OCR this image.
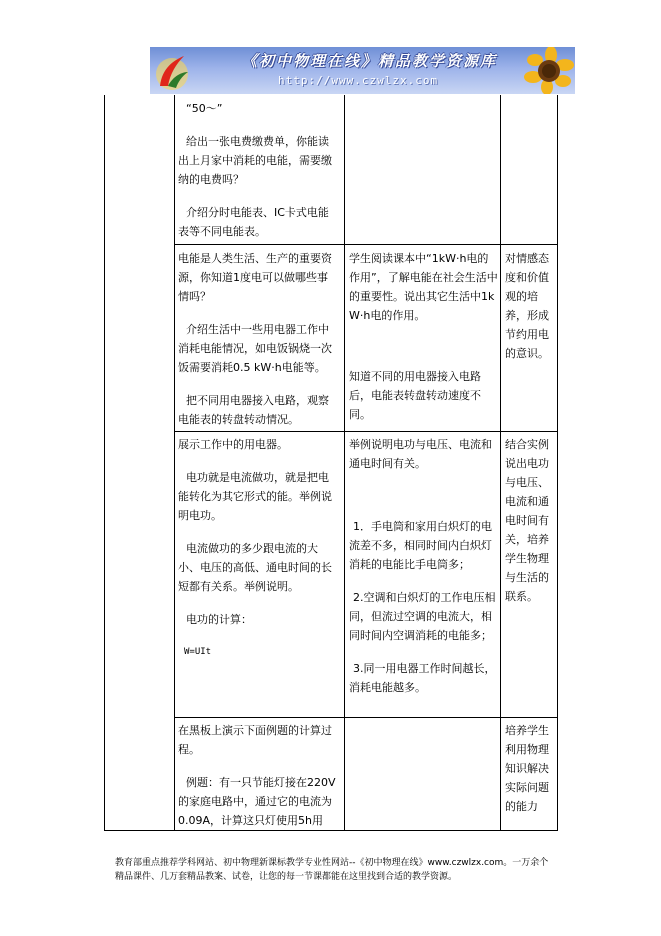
《初中物理在线》精品教学资源库
http://www.czwlzx.com

“50～”

给出一张电费缴费单，你能读出上月家中消耗的电能，需要缴纳的电费吗？

介绍分时电能表、IC卡式电能表等不同电能表。

电能是人类生活、生产的重要资源，你知道1度电可以做哪些事情吗？

介绍生活中一些用电器工作中消耗电能情况，如电饭锅烧一次饭需要消耗0.5 kW·h电能等。

把不同用电器接入电路，观察电能表的转盘转动情况。

学生阅读课本中“1kW·h电的作用”，了解电能在社会生活中的重要性。说出其它生活中1kW·h电的作用。

知道不同的用电器接入电路后，电能表转盘转动速度不同。

对情感态度和价值观的培养，形成节约用电的意识。

展示工作中的用电器。

电功就是电流做功，就是把电能转化为其它形式的能。举例说明电功。

电流做功的多少跟电流的大小、电压的高低、通电时间的长短都有关系。举例说明。

电功的计算：

W=UIt

举例说明电功与电压、电流和通电时间有关。

1．手电筒和家用白炽灯的电流差不多，相同时间内白炽灯消耗的电能比手电筒多；

2.空调和白炽灯的工作电压相同，但流过空调的电流大，相同时间内空调消耗的电能多；

3.同一用电器工作时间越长，消耗电能越多。

结合实例说出电功与电压、电流和通电时间有关，培养学生物理与生活的联系。

在黑板上演示下面例题的计算过程。

例题：有一只节能灯接在220V的家庭电路中，通过它的电流为0.09A，计算这只灯使用5h用

培养学生利用物理知识解决实际问题的能力

教育部重点推荐学科网站、初中物理新课标教学专业性网站--《初中物理在线》www.czwlzx.com。一万余个精品课件、几万套精品教案、试卷，让您的每一节课都能在这里找到合适的教学资源。
